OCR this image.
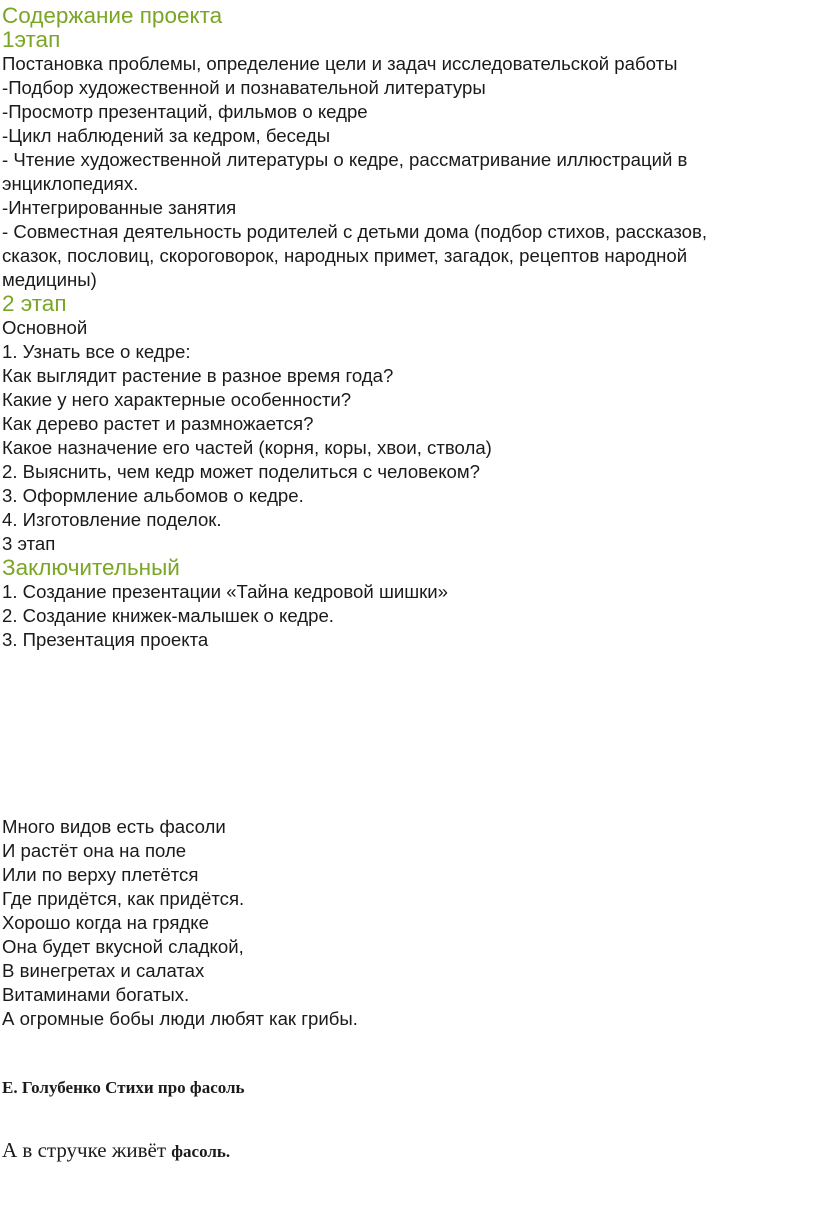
Содержание проекта

1этап

Постановка проблемы, определение цели и задач исследовательской работы

-Подбор художественной и познавательной литературы

-Просмотр презентаций, фильмов о кедре

-Цикл наблюдений за кедром, беседы

- Чтение художественной литературы о кедре, рассматривание иллюстраций в

энциклопедиях.

-Интегрированные занятия

- Совместная деятельность родителей с детьми дома (подбор стихов, рассказов,

сказок, пословиц, скороговорок, народных примет, загадок, рецептов народной

медицины)

2 этап

Основной

1. Узнать все о кедре:

Как выглядит растение в разное время года?

Какие у него характерные особенности?

Как дерево растет и размножается?

Какое назначение его частей (корня, коры, хвои, ствола)

2. Выяснить, чем кедр может поделиться с человеком?

3. Оформление альбомов о кедре.

4. Изготовление поделок.

3 этап

Заключительный

1. Создание презентации «Тайна кедровой шишки»

2. Создание книжек-малышек о кедре.

3. Презентация проекта

Много видов есть фасоли

И растёт она на поле

Или по верху плетётся

Где придётся, как придётся.

Хорошо когда на грядке

Она будет вкусной сладкой,

В винегретах и салатах

Витаминами богатых.

А огромные бобы люди любят как грибы.

Е. Голубенко Стихи про фасоль

А в стручке живёт фасоль.
